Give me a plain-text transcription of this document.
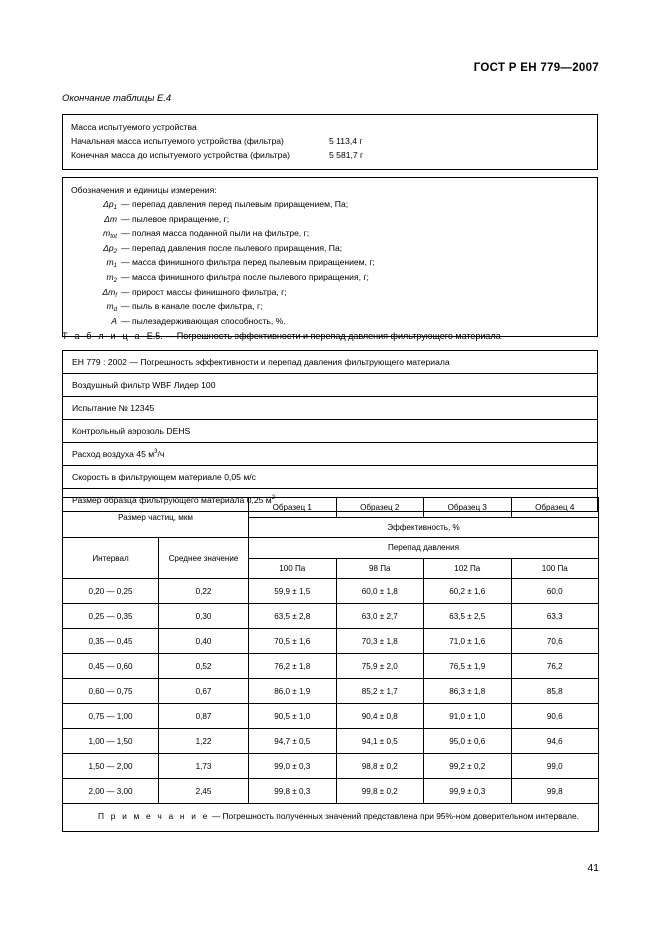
ГОСТ Р ЕН 779—2007
Окончание таблицы Е.4
Масса испытуемого устройства
Начальная масса испытуемого устройства (фильтра)	5 113,4 г
Конечная масса до испытуемого устройства (фильтра)	5 581,7 г
Обозначения и единицы измерения:
$\Delta p_1$ — перепад давления перед пылевым приращением, Па;
Δm — пылевое приращение, г;
$m_{tot}$ — полная масса поданной пыли на фильтре, г;
$\Delta p_2$ — перепад давления после пылевого приращения, Па;
$m_1$ — масса финишного фильтра перед пылевым приращением, г;
$m_2$ — масса финишного фильтра после пылевого приращения, г;
$\Delta m_f$ — прирост массы финишного фильтра, г;
$m_d$ — пыль в канале после фильтра, г;
A — пылезадерживающая способность, %.
Т а б л и ц а Е.5. — Погрешность эффективности и перепад давления фильтрующего материала
ЕН 779 : 2002 — Погрешность эффективности и перепад давления фильтрующего материала
Воздушный фильтр WBF Лидер 100
Испытание № 12345
Контрольный аэрозоль DEHS
Расход воздуха 45 $м^3/ч$
Скорость в фильтрующем материале 0,05 м/с
Размер образца фильтрующего материала 0,25 $м^2$
Размер частиц, мкм		Образец 1	Образец 2	Образец 3	Образец 4
		Эффективность, %			
Интервал	Среднее значение	Перепад давления			
		100 Па	98 Па	102 Па	100 Па
0,20 — 0,25	0,22	59,9 ± 1,5	60,0 ± 1,8	60,2 ± 1,6	60,0
0,25 — 0,35	0,30	63,5 ± 2,8	63,0 ± 2,7	63,5 ± 2,5	63,3
0,35 — 0,45	0,40	70,5 ± 1,6	70,3 ± 1,8	71,0 ± 1,6	70,6
0,45 — 0,60	0,52	76,2 ± 1,8	75,9 ± 2,0	76,5 ± 1,9	76,2
0,60 — 0,75	0,67	86,0 ± 1,9	85,2 ± 1,7	86,3 ± 1,8	85,8
0,75 — 1,00	0,87	90,5 ± 1,0	90,4 ± 0,8	91,0 ± 1,0	90,6
1,00 — 1,50	1,22	94,7 ± 0,5	94,1 ± 0,5	95,0 ± 0,6	94,6
1,50 — 2,00	1,73	99,0 ± 0,3	98,8 ± 0,2	99,2 ± 0,2	99,0
2,00 — 3,00	2,45	99,8 ± 0,3	99,8 ± 0,2	99,9 ± 0,3	99,8
П р и м е ч а н и е — Погрешность полученных значений представлена при 95%-ном доверительном интервале.					
41
